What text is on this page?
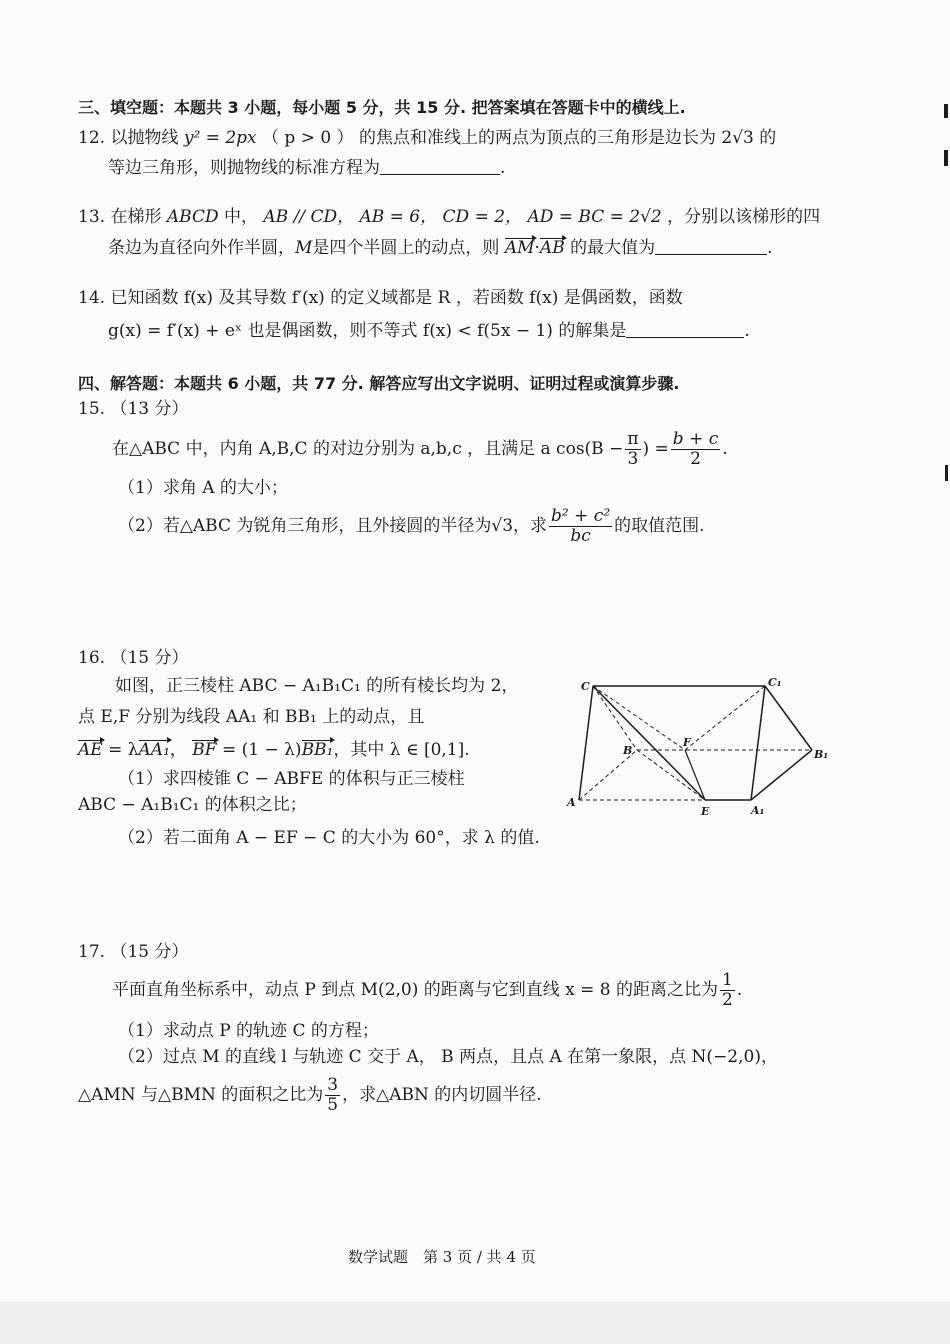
三、填空题：本题共 3 小题，每小题 5 分，共 15 分. 把答案填在答题卡中的横线上.
12. 以抛物线 y² = 2px （ p > 0 ） 的焦点和准线上的两点为顶点的三角形是边长为 2√3 的
等边三角形，则抛物线的标准方程为	.
13. 在梯形 ABCD 中， AB // CD， AB = 6， CD = 2， AD = BC = 2√2 ，分别以该梯形的四
条边为直径向外作半圆，M是四个半圆上的动点，则 AM·AB 的最大值为	.
14. 已知函数 f(x) 及其导数 f′(x) 的定义域都是 R ，若函数 f(x) 是偶函数，函数
g(x) = f′(x) + eˣ 也是偶函数，则不等式 f(x) < f(5x − 1) 的解集是	.
四、解答题：本题共 6 小题，共 77 分. 解答应写出文字说明、证明过程或演算步骤.
15. （13 分）
在△ABC 中，内角 A,B,C 的对边分别为 a,b,c ，且满足 a $\cos(B - \frac{\pi}{3}$ ) = $\frac{b + c}{2}$ .
（1）求角 A 的大小；
（2）若△ABC 为锐角三角形，且外接圆的半径为√3，求 $\frac{\text{b² + c²}}{bc}$ 的取值范围.
16. （15 分）
如图，正三棱柱 ABC − A₁B₁C₁ 的所有棱长均为 2，
点 E,F 分别为线段 AA₁ 和 BB₁ 上的动点，且
AE = λAA₁， BF = (1 − λ)BB₁，其中 λ ∈ [0,1].
（1）求四棱锥 C − ABFE 的体积与正三棱柱
ABC − A₁B₁C₁ 的体积之比；
（2）若二面角 A − EF − C 的大小为 60°，求 λ 的值.
C	C₁
B
F
B₁
A
E	A₁
17. （15 分）
平面直角坐标系中，动点 P 到点 M(2,0) 的距离与它到直线 x = 8 的距离之比为 $\frac{1}{2}$ .
（1）求动点 P 的轨迹 C 的方程；
（2）过点 M 的直线 l 与轨迹 C 交于 A， B 两点，且点 A 在第一象限，点 N(−2,0)，
△AMN 与△BMN 的面积之比为 $\frac{3}{5}$ ，求△ABN 的内切圆半径.
数学试题　第 3 页 / 共 4 页
